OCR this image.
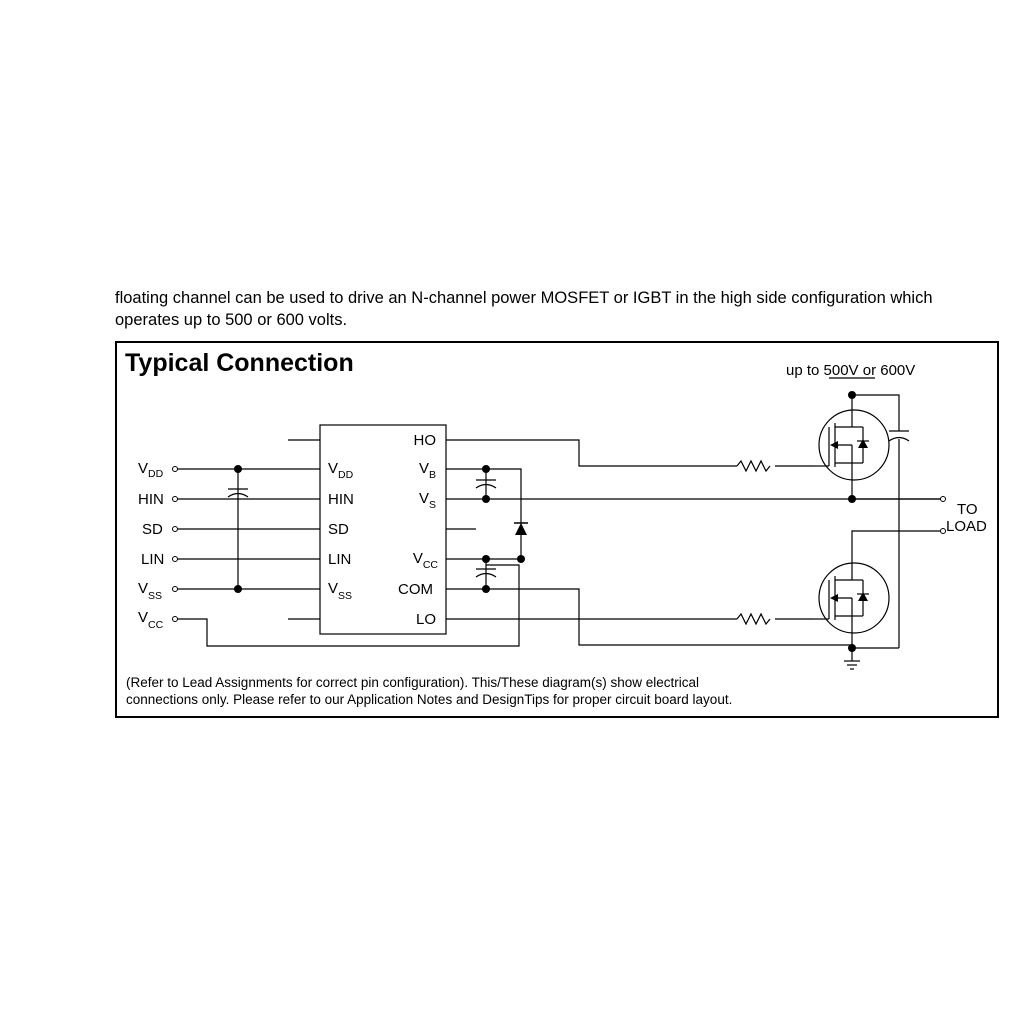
floating channel can be used to drive an N-channel power MOSFET or IGBT in the high side configuration which
operates up to 500 or 600 volts.
$V_{DD}$
HIN
SD
LIN
$V_{SS}$
$V_{CC}$
$V_{DD}$
HIN
SD
LIN
$V_{SS}$
HO
$V_B$
$V_S$
$V_{CC}$
COM
LO
up to 500V or 600V
TO
LOAD
Typical Connection
(Refer to Lead Assignments for correct pin configuration). This/These diagram(s) show electrical
connections only. Please refer to our Application Notes and DesignTips for proper circuit board layout.
